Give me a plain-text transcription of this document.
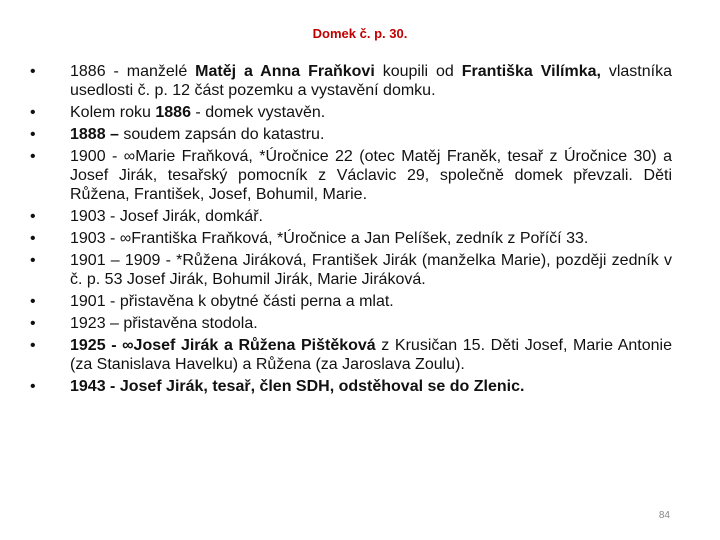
Domek č. p. 30.
• 1886 - manželé Matěj a Anna Fraňkovi koupili od Františka Vilímka, vlastníka usedlosti č. p. 12 část pozemku a vystavění domku.
• Kolem roku 1886 - domek vystavěn.
• 1888 – soudem zapsán do katastru.
• 1900 - ∞Marie Fraňková, *Úročnice 22 (otec Matěj Franěk, tesař z Úročnice 30) a Josef Jirák, tesařský pomocník z Václavic 29, společně domek převzali. Děti Růžena, František, Josef, Bohumil, Marie.
• 1903 - Josef Jirák, domkář.
• 1903 - ∞Františka Fraňková, *Úročnice a Jan Pelíšek, zedník z Poříčí 33.
• 1901 – 1909 - *Růžena Jiráková, František Jirák (manželka Marie), později zedník v č. p. 53 Josef Jirák, Bohumil Jirák, Marie Jiráková.
• 1901 - přistavěna k obytné části perna a mlat.
• 1923 – přistavěna stodola.
• 1925 - ∞Josef Jirák a Růžena Pištěková z Krusičan 15. Děti Josef, Marie Antonie (za Stanislava Havelku) a Růžena (za Jaroslava Zoulu).
• 1943 - Josef Jirák, tesař, člen SDH, odstěhoval se do Zlenic.
84
